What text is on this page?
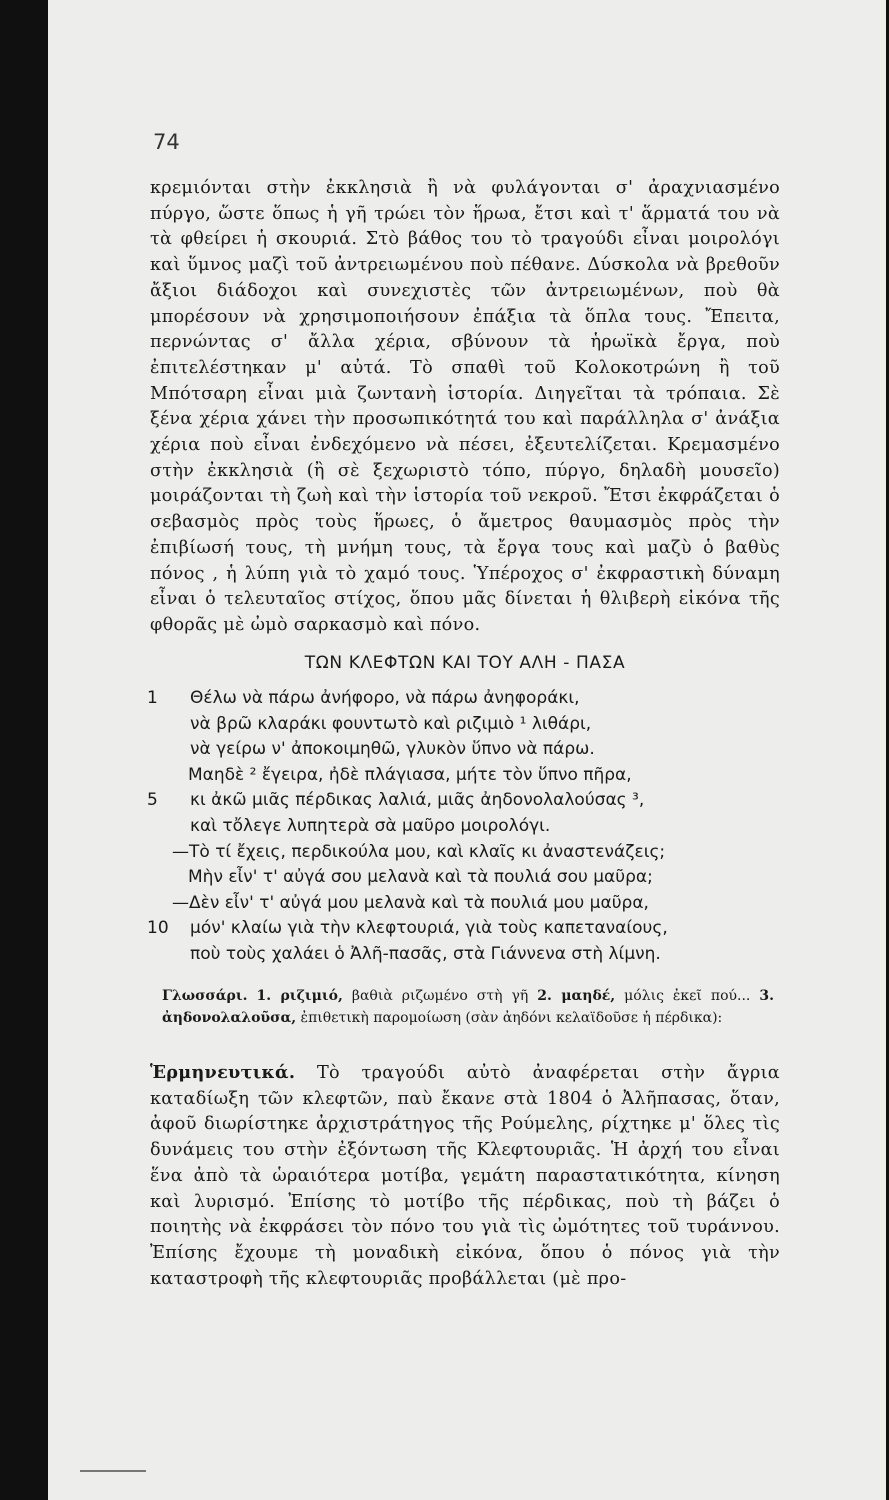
74

κρεμιόνται στὴν ἐκκλησιὰ ἢ νὰ φυλάγονται σ' ἀραχνιασμένο πύργο, ὥστε ὅπως ἡ γῆ τρώει τὸν ἥρωα, ἔτσι καὶ τ' ἅρματά του νὰ τὰ φθείρει ἡ σκουριά. Στὸ βάθος του τὸ τραγούδι εἶναι μοιρολόγι καὶ ὕμνος μαζὶ τοῦ ἀντρειωμένου ποὺ πέθανε. Δύσκολα νὰ βρεθοῦν ἄξιοι διάδοχοι καὶ συνεχιστὲς τῶν ἀντρειωμένων, ποὺ θὰ μπορέσουν νὰ χρησιμοποιήσουν ἐπάξια τὰ ὅπλα τους. Ἔπειτα, περνώντας σ' ἄλλα χέρια, σβύνουν τὰ ἡρωϊκὰ ἔργα, ποὺ ἐπιτελέστηκαν μ' αὐτά. Τὸ σπαθὶ τοῦ Κολοκοτρώνη ἢ τοῦ Μπότσαρη εἶναι μιὰ ζωντανὴ ἱστορία. Διηγεῖται τὰ τρόπαια. Σὲ ξένα χέρια χάνει τὴν προσωπικότητά του καὶ παράλληλα σ' ἀνάξια χέρια ποὺ εἶναι ἐνδεχόμενο νὰ πέσει, ἐξευτελίζεται. Κρεμασμένο στὴν ἐκκλησιὰ (ἢ σὲ ξεχωριστὸ τόπο, πύργο, δηλαδὴ μουσεῖο) μοιράζονται τὴ ζωὴ καὶ τὴν ἱστορία τοῦ νεκροῦ. Ἔτσι ἐκφράζεται ὁ σεβασμὸς πρὸς τοὺς ἥρωες, ὁ ἄμετρος θαυμασμὸς πρὸς τὴν ἐπιβίωσή τους, τὴ μνήμη τους, τὰ ἔργα τους καὶ μαζὺ ὁ βαθὺς πόνος , ἡ λύπη γιὰ τὸ χαμό τους. Ὑπέροχος σ' ἐκφραστικὴ δύναμη εἶναι ὁ τελευταῖος στίχος, ὅπου μᾶς δίνεται ἡ θλιβερὴ εἰκόνα τῆς φθορᾶς μὲ ὠμὸ σαρκασμὸ καὶ πόνο.

ΤΩΝ ΚΛΕΦΤΩΝ ΚΑΙ ΤΟΥ ΑΛΗ - ΠΑΣΑ
1 Θέλω νὰ πάρω ἀνήφορο, νὰ πάρω ἀνηφοράκι,
νὰ βρῶ κλαράκι φουντωτὸ καὶ ριζιμιὸ ¹ λιθάρι,
νὰ γείρω ν' ἀποκοιμηθῶ, γλυκὸν ὕπνο νὰ πάρω.
Μαηδὲ ² ἔγειρα, ἠδὲ πλάγιασα, μήτε τὸν ὕπνο πῆρα,
5 κι ἀκῶ μιᾶς πέρδικας λαλιά, μιᾶς ἀηδονολαλούσας ³,
καὶ τὄλεγε λυπητερὰ σὰ μαῦρο μοιρολόγι.
—Τὸ τί ἔχεις, περδικούλα μου, καὶ κλαῖς κι ἀναστενάζεις;
Μὴν εἶν' τ' αὐγά σου μελανὰ καὶ τὰ πουλιά σου μαῦρα;
—Δὲν εἶν' τ' αὐγά μου μελανὰ καὶ τὰ πουλιά μου μαῦρα,
10 μόν' κλαίω γιὰ τὴν κλεφτουριά, γιὰ τοὺς καπεταναίους,
ποὺ τοὺς χαλάει ὁ Ἀλῆ-πασᾶς, στὰ Γιάννενα στὴ λίμνη.

Γλωσσάρι. 1. ριζιμιό, βαθιὰ ριζωμένο στὴ γῆ 2. μαηδέ, μόλις ἐκεῖ πού... 3. ἀηδονολαλοῦσα, ἐπιθετικὴ παρομοίωση (σὰν ἀηδόνι κελαϊδοῦσε ἡ πέρδικα):

Ἑρμηνευτικά. Τὸ τραγούδι αὐτὸ ἀναφέρεται στὴν ἄγρια καταδίωξη τῶν κλεφτῶν, παὺ ἔκανε στὰ 1804 ὁ Ἀλῆπασας, ὅταν, ἀφοῦ διωρίστηκε ἀρχιστράτηγος τῆς Ρούμελης, ρίχτηκε μ' ὅλες τὶς δυνάμεις του στὴν ἐξόντωση τῆς Κλεφτουριᾶς. Ἡ ἀρχή του εἶναι ἕνα ἀπὸ τὰ ὡραιότερα μοτίβα, γεμάτη παραστατικότητα, κίνηση καὶ λυρισμό. Ἐπίσης τὸ μοτίβο τῆς πέρδικας, ποὺ τὴ βάζει ὁ ποιητὴς νὰ ἐκφράσει τὸν πόνο του γιὰ τὶς ὠμότητες τοῦ τυράννου. Ἐπίσης ἔχουμε τὴ μοναδικὴ εἰκόνα, ὅπου ὁ πόνος γιὰ τὴν καταστροφὴ τῆς κλεφτουριᾶς προβάλλεται (μὲ προ-
